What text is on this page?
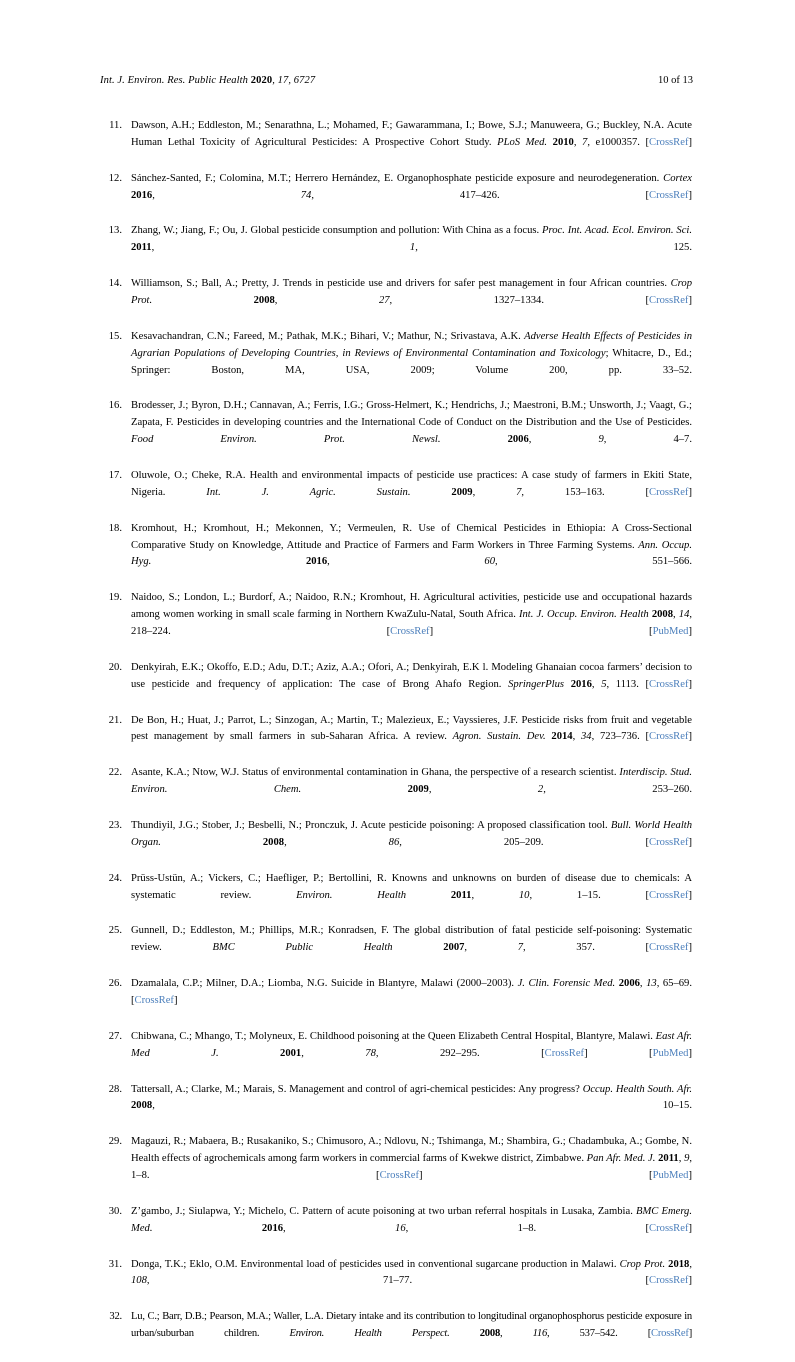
Int. J. Environ. Res. Public Health 2020, 17, 6727	10 of 13
11. Dawson, A.H.; Eddleston, M.; Senarathna, L.; Mohamed, F.; Gawarammana, I.; Bowe, S.J.; Manuweera, G.; Buckley, N.A. Acute Human Lethal Toxicity of Agricultural Pesticides: A Prospective Cohort Study. PLoS Med. 2010, 7, e1000357. [CrossRef]
12. Sánchez-Santed, F.; Colomina, M.T.; Herrero Hernández, E. Organophosphate pesticide exposure and neurodegeneration. Cortex 2016, 74, 417–426. [CrossRef]
13. Zhang, W.; Jiang, F.; Ou, J. Global pesticide consumption and pollution: With China as a focus. Proc. Int. Acad. Ecol. Environ. Sci. 2011, 1, 125.
14. Williamson, S.; Ball, A.; Pretty, J. Trends in pesticide use and drivers for safer pest management in four African countries. Crop Prot.	2008, 27, 1327–1334. [CrossRef]
15. Kesavachandran, C.N.; Fareed, M.; Pathak, M.K.; Bihari, V.; Mathur, N.; Srivastava, A.K. Adverse Health Effects of Pesticides in Agrarian Populations of Developing Countries, in Reviews of Environmental Contamination and Toxicology; Whitacre, D., Ed.; Springer: Boston, MA, USA, 2009; Volume 200, pp. 33–52.
16. Brodesser, J.; Byron, D.H.; Cannavan, A.; Ferris, I.G.; Gross-Helmert, K.; Hendrichs, J.; Maestroni, B.M.; Unsworth, J.; Vaagt, G.; Zapata, F. Pesticides in developing countries and the International Code of Conduct on the Distribution and the Use of Pesticides. Food Environ. Prot. Newsl.	2006, 9, 4–7.
17. Oluwole, O.; Cheke, R.A. Health and environmental impacts of pesticide use practices: A case study of farmers in Ekiti State, Nigeria. Int. J. Agric. Sustain.	2009, 7, 153–163. [CrossRef]
18. Kromhout, H.; Kromhout, H.; Mekonnen, Y.; Vermeulen, R. Use of Chemical Pesticides in Ethiopia: A Cross-Sectional Comparative Study on Knowledge, Attitude and Practice of Farmers and Farm Workers in Three Farming Systems. Ann. Occup. Hyg.	2016, 60, 551–566.
19. Naidoo, S.; London, L.; Burdorf, A.; Naidoo, R.N.; Kromhout, H. Agricultural activities, pesticide use and occupational hazards among women working in small scale farming in Northern KwaZulu-Natal, South Africa. Int. J. Occup. Environ. Health 2008, 14, 218–224. [CrossRef]	[PubMed]
20. Denkyirah, E.K.; Okoffo, E.D.; Adu, D.T.; Aziz, A.A.; Ofori, A.; Denkyirah, E.K l. Modeling Ghanaian cocoa farmers’ decision to use pesticide and frequency of application: The case of Brong Ahafo Region. SpringerPlus 2016, 5, 1113. [CrossRef]
21. De Bon, H.; Huat, J.; Parrot, L.; Sinzogan, A.; Martin, T.; Malezieux, E.; Vayssieres, J.F. Pesticide risks from fruit and vegetable pest management by small farmers in sub-Saharan Africa. A review. Agron. Sustain. Dev. 2014, 34, 723–736. [CrossRef]
22. Asante, K.A.; Ntow, W.J. Status of environmental contamination in Ghana, the perspective of a research scientist. Interdiscip. Stud. Environ. Chem.	2009, 2, 253–260.
23. Thundiyil, J.G.; Stober, J.; Besbelli, N.; Pronczuk, J. Acute pesticide poisoning: A proposed classification tool. Bull. World Health Organ.	2008, 86, 205–209. [CrossRef]
24. Prüss-Ustün, A.; Vickers, C.; Haefliger, P.; Bertollini, R. Knowns and unknowns on burden of disease due to chemicals: A systematic review. Environ. Health	2011, 10, 1–15. [CrossRef]
25. Gunnell, D.; Eddleston, M.; Phillips, M.R.; Konradsen, F. The global distribution of fatal pesticide self-poisoning: Systematic review. BMC Public Health	2007, 7, 357. [CrossRef]
26. Dzamalala, C.P.; Milner, D.A.; Liomba, N.G. Suicide in Blantyre, Malawi (2000–2003). J. Clin. Forensic Med. 2006, 13, 65–69. [CrossRef]
27. Chibwana, C.; Mhango, T.; Molyneux, E. Childhood poisoning at the Queen Elizabeth Central Hospital, Blantyre, Malawi. East Afr. Med J.	2001, 78, 292–295. [CrossRef]	[PubMed]
28. Tattersall, A.; Clarke, M.; Marais, S. Management and control of agri-chemical pesticides: Any progress? Occup. Health South. Afr. 2008, 10–15.
29. Magauzi, R.; Mabaera, B.; Rusakaniko, S.; Chimusoro, A.; Ndlovu, N.; Tshimanga, M.; Shambira, G.; Chadambuka, A.; Gombe, N. Health effects of agrochemicals among farm workers in commercial farms of Kwekwe district, Zimbabwe. Pan Afr. Med. J. 2011, 9, 1–8. [CrossRef]	[PubMed]
30. Z’gambo, J.; Siulapwa, Y.; Michelo, C. Pattern of acute poisoning at two urban referral hospitals in Lusaka, Zambia. BMC Emerg. Med.	2016, 16, 1–8. [CrossRef]
31. Donga, T.K.; Eklo, O.M. Environmental load of pesticides used in conventional sugarcane production in Malawi. Crop Prot. 2018, 108, 71–77. [CrossRef]
32. Lu, C.; Barr, D.B.; Pearson, M.A.; Waller, L.A. Dietary intake and its contribution to longitudinal organophosphorus pesticide exposure in urban/suburban children. Environ. Health Perspect.	2008, 116, 537–542. [CrossRef]
